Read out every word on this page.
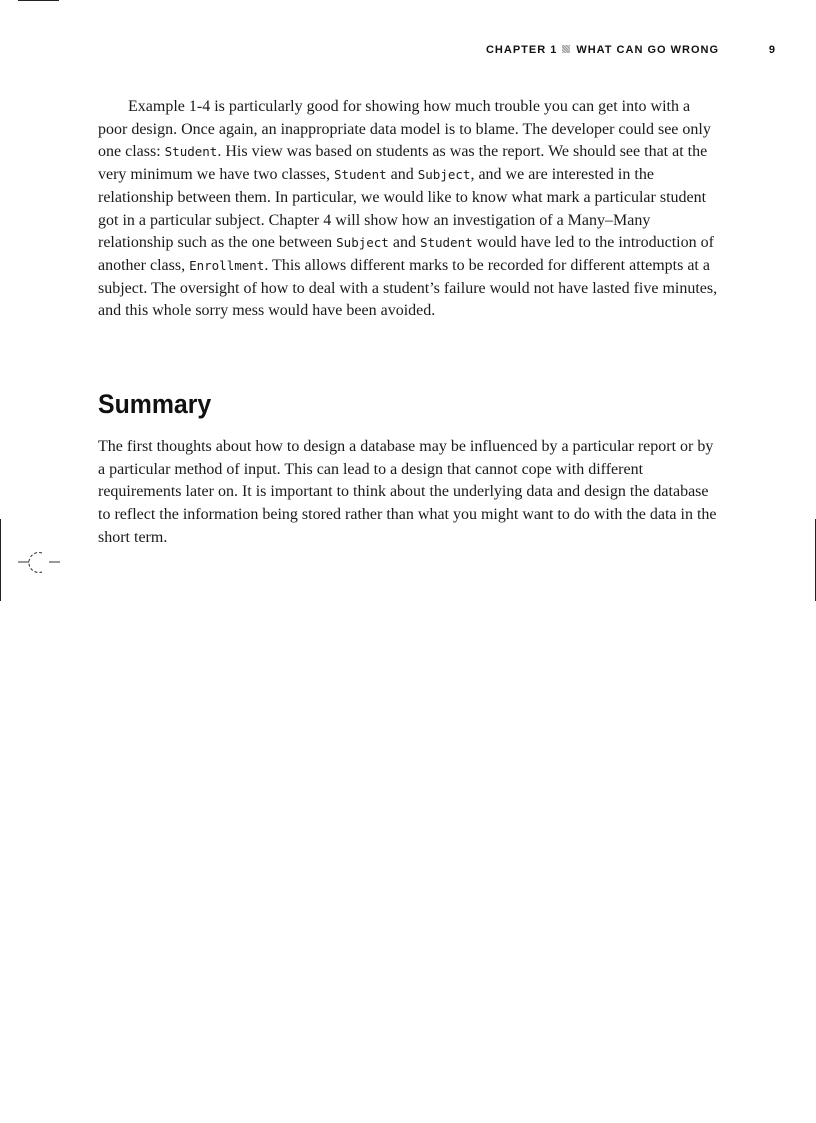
CHAPTER 1 WHAT CAN GO WRONG	9

Example 1-4 is particularly good for showing how much trouble you can get into with a poor design. Once again, an inappropriate data model is to blame. The developer could see only one class: Student. His view was based on students as was the report. We should see that at the very minimum we have two classes, Student and Subject, and we are interested in the relationship between them. In particular, we would like to know what mark a particular student got in a particular subject. Chapter 4 will show how an investigation of a Many–Many relationship such as the one between Subject and Student would have led to the introduction of another class, Enrollment. This allows different marks to be recorded for different attempts at a subject. The oversight of how to deal with a student’s failure would not have lasted five minutes, and this whole sorry mess would have been avoided.

Summary

The first thoughts about how to design a database may be influenced by a particular report or by a particular method of input. This can lead to a design that cannot cope with different requirements later on. It is important to think about the underlying data and design the database to reflect the information being stored rather than what you might want to do with the data in the short term.
